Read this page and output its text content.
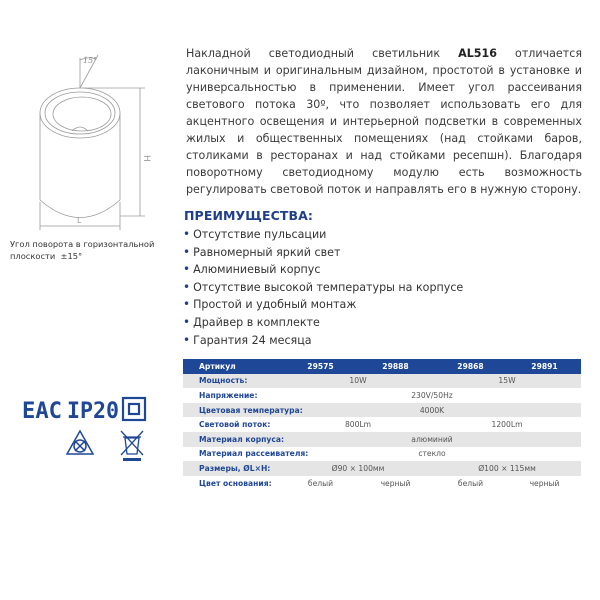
15°
H
L
Угол поворота в горизонтальной
плоскости  ±15°

Накладной светодиодный светильник AL516 отличается лаконичным и оригинальным дизайном, простотой в установке и универсальностью в применении. Имеет угол рассеивания светового потока 30º, что позволяет использовать его для акцентного освещения и интерьерной подсветки в современных жилых и общественных помещениях (над стойками баров, столиками в ресторанах и над стойками ресепшн). Благодаря поворотному светодиодному модулю есть возможность регулировать световой поток и направлять его в нужную сторону.

ПРЕИМУЩЕСТВА:
• Отсутствие пульсации
• Равномерный яркий свет
• Алюминиевый корпус
• Отсутствие высокой температуры на корпусе
• Простой и удобный монтаж
• Драйвер в комплекте
• Гарантия 24 месяца
EAC IP20
Артикул	29575	29888	29868	29891
Мощность:	10W		15W	
Напряжение:	230V/50Hz			
Цветовая температура:	4000K			
Световой поток:	800Lm		1200Lm	
Материал корпуса:	алюминий			
Материал рассеивателя:	стекло			
Размеры, ØL×H:	Ø90 × 100мм		Ø100 × 115мм	
Цвет основания:	белый	черный	белый	черный
